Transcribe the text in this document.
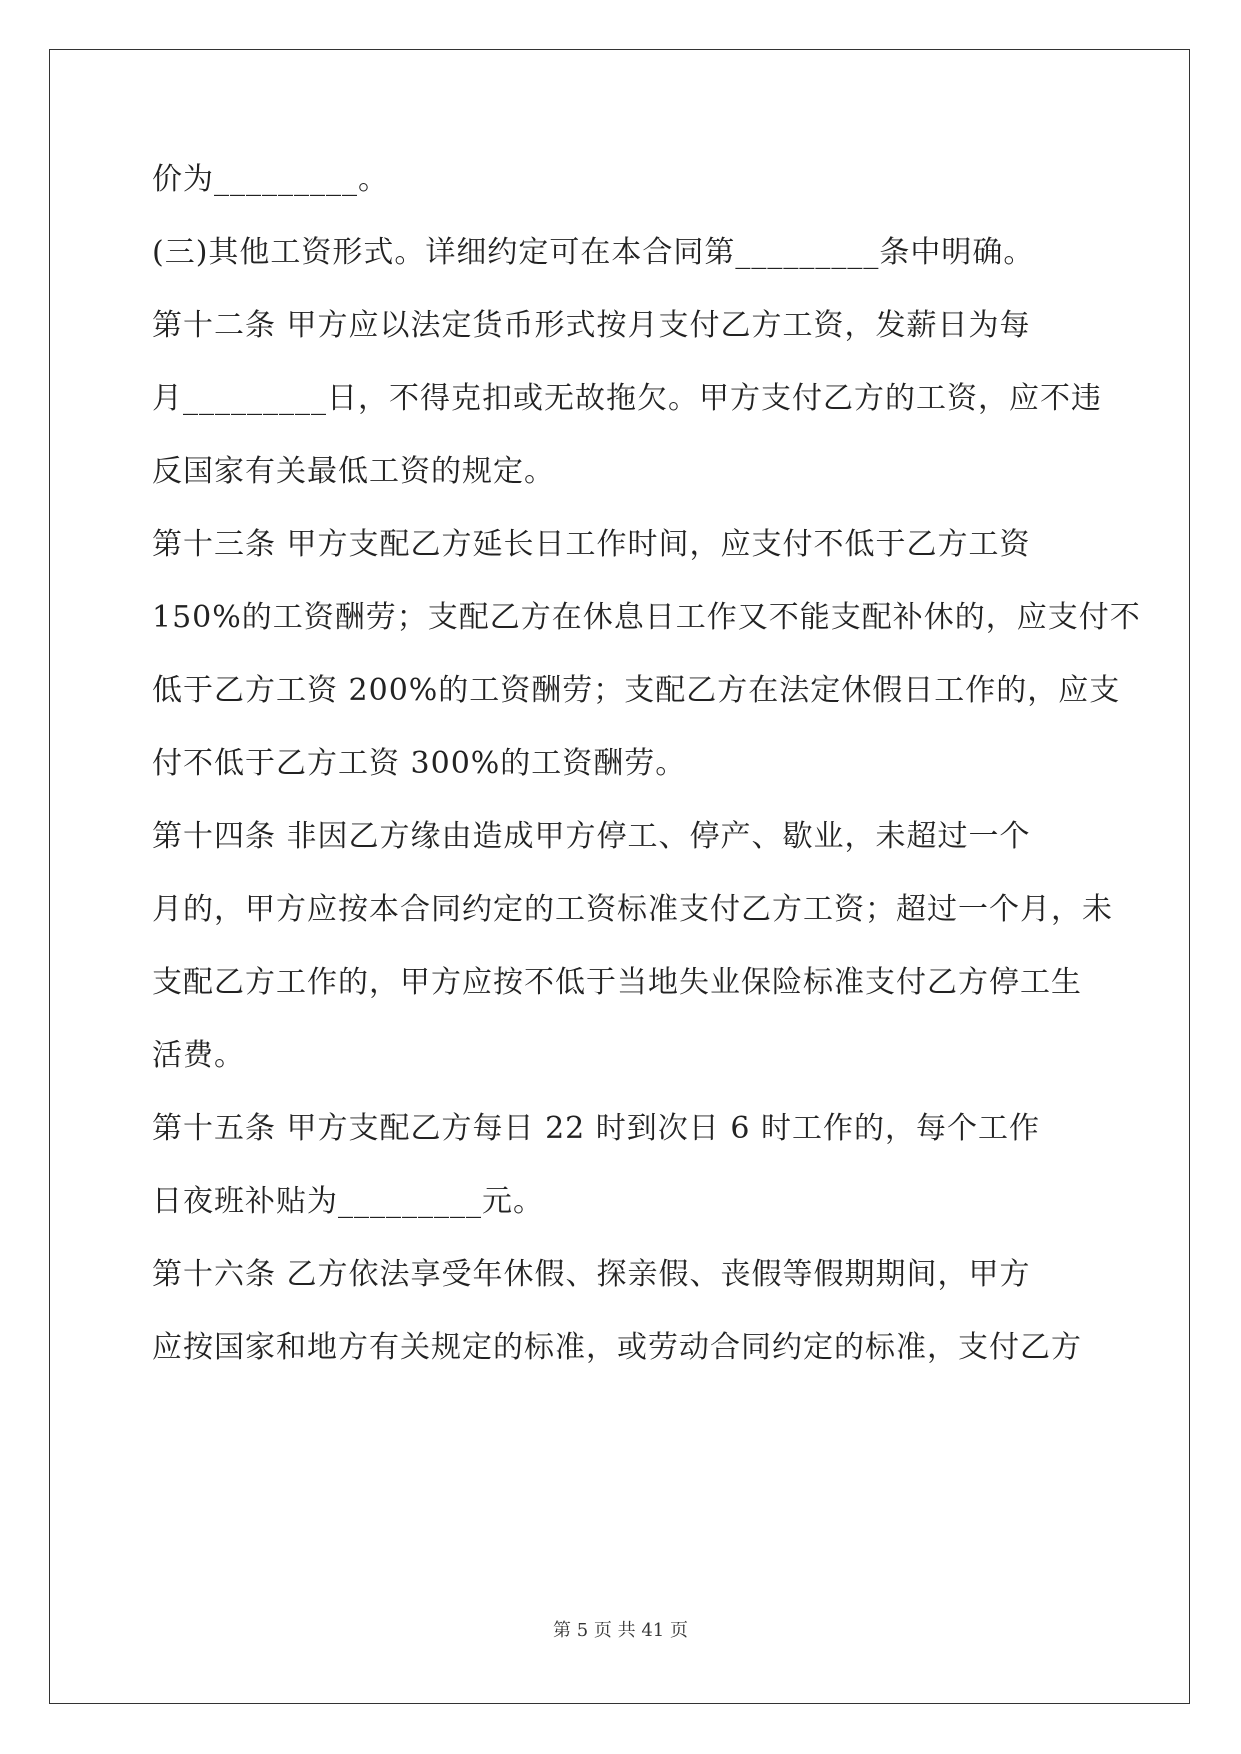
价为_________。
(三)其他工资形式。详细约定可在本合同第_________条中明确。
第十二条 甲方应以法定货币形式按月支付乙方工资，发薪日为每
月_________日，不得克扣或无故拖欠。甲方支付乙方的工资，应不违
反国家有关最低工资的规定。
第十三条 甲方支配乙方延长日工作时间，应支付不低于乙方工资
150%的工资酬劳；支配乙方在休息日工作又不能支配补休的，应支付不
低于乙方工资 200%的工资酬劳；支配乙方在法定休假日工作的，应支
付不低于乙方工资 300%的工资酬劳。
第十四条 非因乙方缘由造成甲方停工、停产、歇业，未超过一个
月的，甲方应按本合同约定的工资标准支付乙方工资；超过一个月，未
支配乙方工作的，甲方应按不低于当地失业保险标准支付乙方停工生
活费。
第十五条 甲方支配乙方每日 22 时到次日 6 时工作的，每个工作
日夜班补贴为_________元。
第十六条 乙方依法享受年休假、探亲假、丧假等假期期间，甲方
应按国家和地方有关规定的标准，或劳动合同约定的标准，支付乙方
第 5 页 共 41 页
